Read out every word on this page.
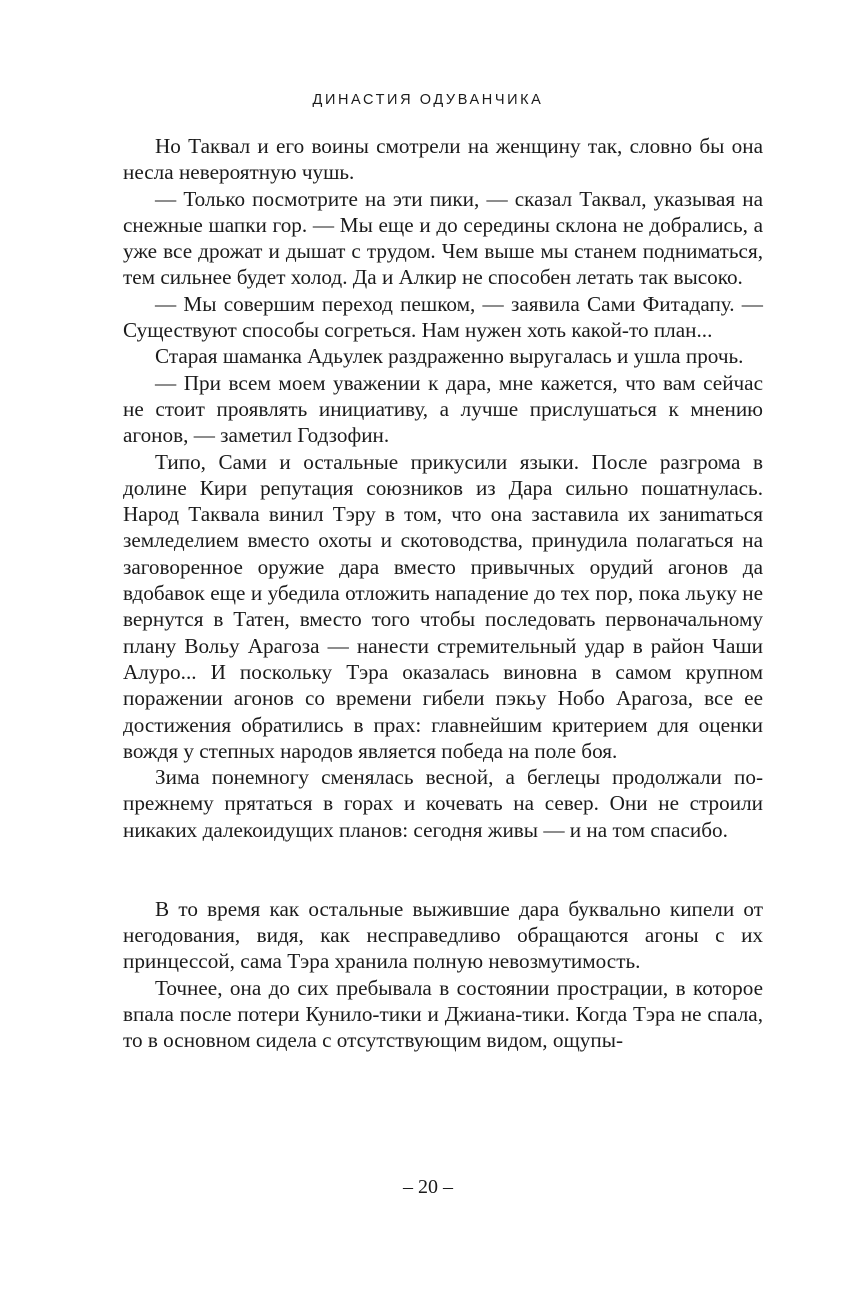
ДИНАСТИЯ ОДУВАНЧИКА

Но Таквал и его воины смотрели на женщину так, словно бы она несла невероятную чушь.

— Только посмотрите на эти пики, — сказал Таквал, указывая на снежные шапки гор. — Мы еще и до середины склона не добрались, а уже все дрожат и дышат с трудом. Чем выше мы станем подниматься, тем сильнее будет холод. Да и Алкир не способен летать так высоко.

— Мы совершим переход пешком, — заявила Сами Фитадапу. — Существуют способы согреться. Нам нужен хоть какой-то план...

Старая шаманка Адьулек раздраженно выругалась и ушла прочь.

— При всем моем уважении к дара, мне кажется, что вам сейчас не стоит проявлять инициативу, а лучше прислушаться к мнению агонов, — заметил Годзофин.

Типо, Сами и остальные прикусили языки. После разгрома в долине Кири репутация союзников из Дара сильно пошатнулась. Народ Таквала винил Тэру в том, что она заставила их заниmаться земледелием вместо охоты и скотоводства, принудила полагаться на заговоренное оружие дара вместо привычных орудий агонов да вдобавок еще и убедила отложить нападение до тех пор, пока льуку не вернутся в Татен, вместо того чтобы последовать первоначальному плану Вольу Арагоза — нанести стремительный удар в район Чаши Алуро... И поскольку Тэра оказалась виновна в самом крупном поражении агонов со времени гибели пэкьу Нобо Арагоза, все ее достижения обратились в прах: главнейшим критерием для оценки вождя у степных народов является победа на поле боя.

Зима понемногу сменялась весной, а беглецы продолжали попрежнему прятаться в горах и кочевать на север. Они не строили никаких далекоидущих планов: сегодня живы — и на том спасибо.

В то время как остальные выжившие дара буквально кипели от негодования, видя, как несправедливо обращаются агоны с их принцессой, сама Тэра хранила полную невозмутимость.

Точнее, она до сих пребывала в состоянии прострации, в которое впала после потери Кунило-тики и Джиана-тики. Когда Тэра не спала, то в основном сидела с отсутствующим видом, ощупы-

– 20 –
